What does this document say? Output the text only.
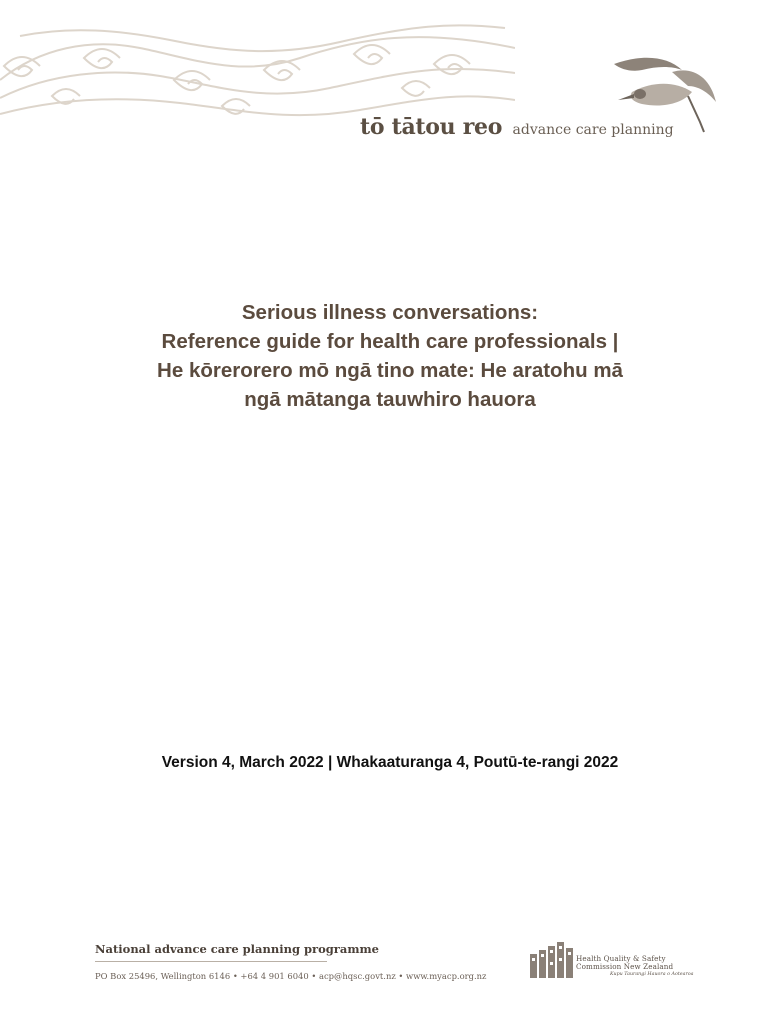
tō tātou reo advance care planning
Serious illness conversations:
Reference guide for health care professionals |
He kōrerorero mō ngā tino mate: He aratohu mā
ngā mātanga tauwhiro hauora
Version 4, March 2022 | Whakaaturanga 4, Poutū-te-rangi 2022
National advance care planning programme
PO Box 25496, Wellington 6146 • +64 4 901 6040 • acp@hqsc.govt.nz • www.myacp.org.nz
Health Quality & Safety
Commission New Zealand
Kupu Taurangi Hauora o Aotearoa
